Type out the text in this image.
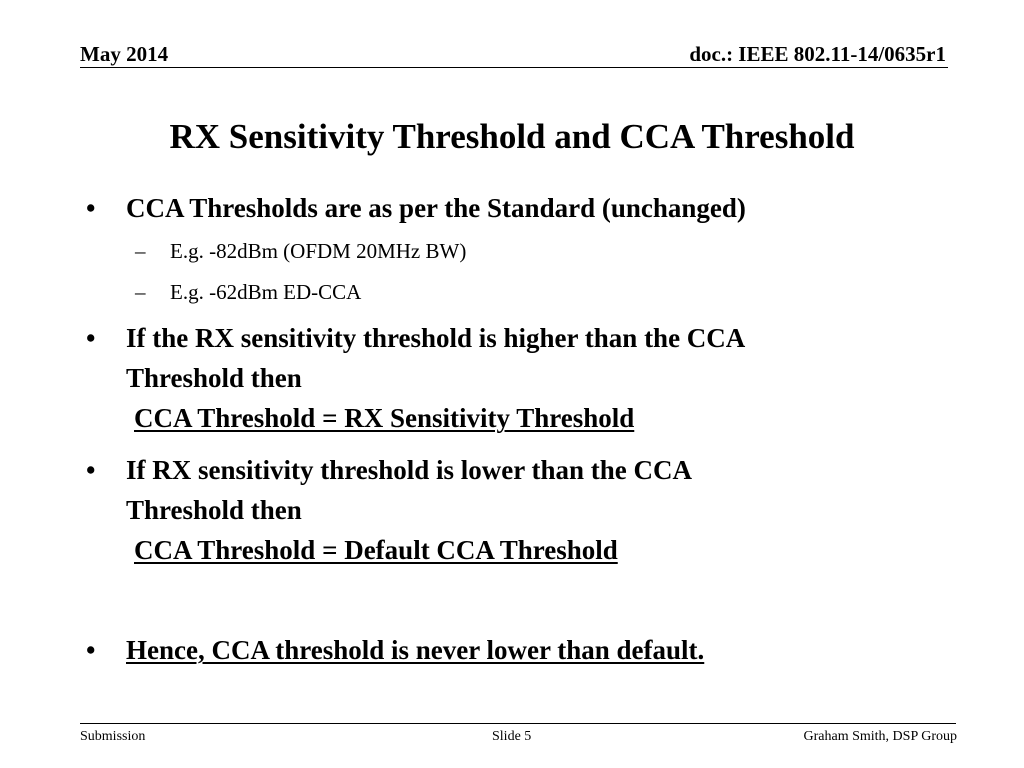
May 2014	doc.: IEEE 802.11-14/0635r1
RX Sensitivity Threshold and CCA Threshold
• CCA Thresholds are as per the Standard (unchanged)
– E.g. -82dBm (OFDM 20MHz BW)
– E.g. -62dBm ED-CCA
• If the RX sensitivity threshold is higher than the CCA
Threshold then
CCA Threshold = RX Sensitivity Threshold
• If RX sensitivity threshold is lower than the CCA
Threshold then
CCA Threshold = Default CCA Threshold
• Hence, CCA threshold is never lower than default.
Submission	Slide 5	Graham Smith, DSP Group
